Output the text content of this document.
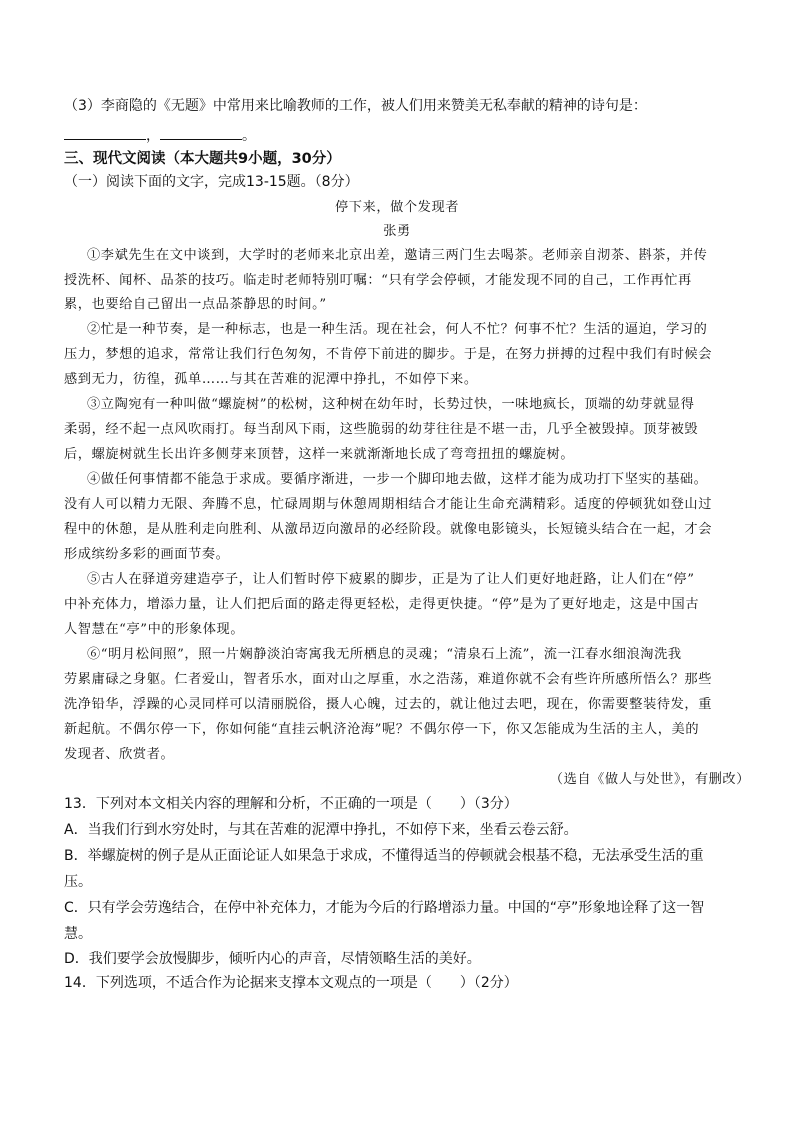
（3）李商隐的《无题》中常用来比喻教师的工作，被人们用来赞美无私奉献的精神的诗句是：
，	。
三、现代文阅读（本大题共9小题，30分）
（一）阅读下面的文字，完成13-15题。（8分）
停下来，做个发现者
张勇
①李斌先生在文中谈到，大学时的老师来北京出差，邀请三两门生去喝茶。老师亲自沏茶、斟茶，并传
授洗杯、闻杯、品茶的技巧。临走时老师特别叮嘱：“只有学会停顿，才能发现不同的自己，工作再忙再
累，也要给自己留出一点品茶静思的时间。”
②忙是一种节奏，是一种标志，也是一种生活。现在社会，何人不忙？何事不忙？生活的逼迫，学习的
压力，梦想的追求，常常让我们行色匆匆，不肯停下前进的脚步。于是，在努力拼搏的过程中我们有时候会
感到无力，彷徨，孤单……与其在苦难的泥潭中挣扎，不如停下来。
③立陶宛有一种叫做“螺旋树”的松树，这种树在幼年时，长势过快，一味地疯长，顶端的幼芽就显得
柔弱，经不起一点风吹雨打。每当刮风下雨，这些脆弱的幼芽往往是不堪一击，几乎全被毁掉。顶芽被毁
后，螺旋树就生长出许多侧芽来顶替，这样一来就渐渐地长成了弯弯扭扭的螺旋树。
④做任何事情都不能急于求成。要循序渐进，一步一个脚印地去做，这样才能为成功打下坚实的基础。
没有人可以精力无限、奔腾不息，忙碌周期与休憩周期相结合才能让生命充满精彩。适度的停顿犹如登山过
程中的休憩，是从胜利走向胜利、从激昂迈向激昂的必经阶段。就像电影镜头，长短镜头结合在一起，才会
形成缤纷多彩的画面节奏。
⑤古人在驿道旁建造亭子，让人们暂时停下疲累的脚步，正是为了让人们更好地赶路，让人们在“停”
中补充体力，增添力量，让人们把后面的路走得更轻松，走得更快捷。“停”是为了更好地走，这是中国古
人智慧在“亭”中的形象体现。
⑥“明月松间照”，照一片娴静淡泊寄寓我无所栖息的灵魂；“清泉石上流”，流一江春水细浪淘洗我
劳累庸碌之身躯。仁者爱山，智者乐水，面对山之厚重，水之浩荡，难道你就不会有些许所感所悟么？那些
洗净铅华，浮躁的心灵同样可以清丽脱俗，摄人心魄，过去的，就让他过去吧，现在，你需要整装待发，重
新起航。不偶尔停一下，你如何能“直挂云帆济沧海”呢？不偶尔停一下，你又怎能成为生活的主人，美的
发现者、欣赏者。
（选自《做人与处世》，有删改）
13．下列对本文相关内容的理解和分析，不正确的一项是（　　）（3分）
A．当我们行到水穷处时，与其在苦难的泥潭中挣扎，不如停下来，坐看云卷云舒。
B．举螺旋树的例子是从正面论证人如果急于求成，不懂得适当的停顿就会根基不稳，无法承受生活的重
压。
C．只有学会劳逸结合，在停中补充体力，才能为今后的行路增添力量。中国的“亭”形象地诠释了这一智
慧。
D．我们要学会放慢脚步，倾听内心的声音，尽情领略生活的美好。
14．下列选项，不适合作为论据来支撑本文观点的一项是（　　）（2分）
